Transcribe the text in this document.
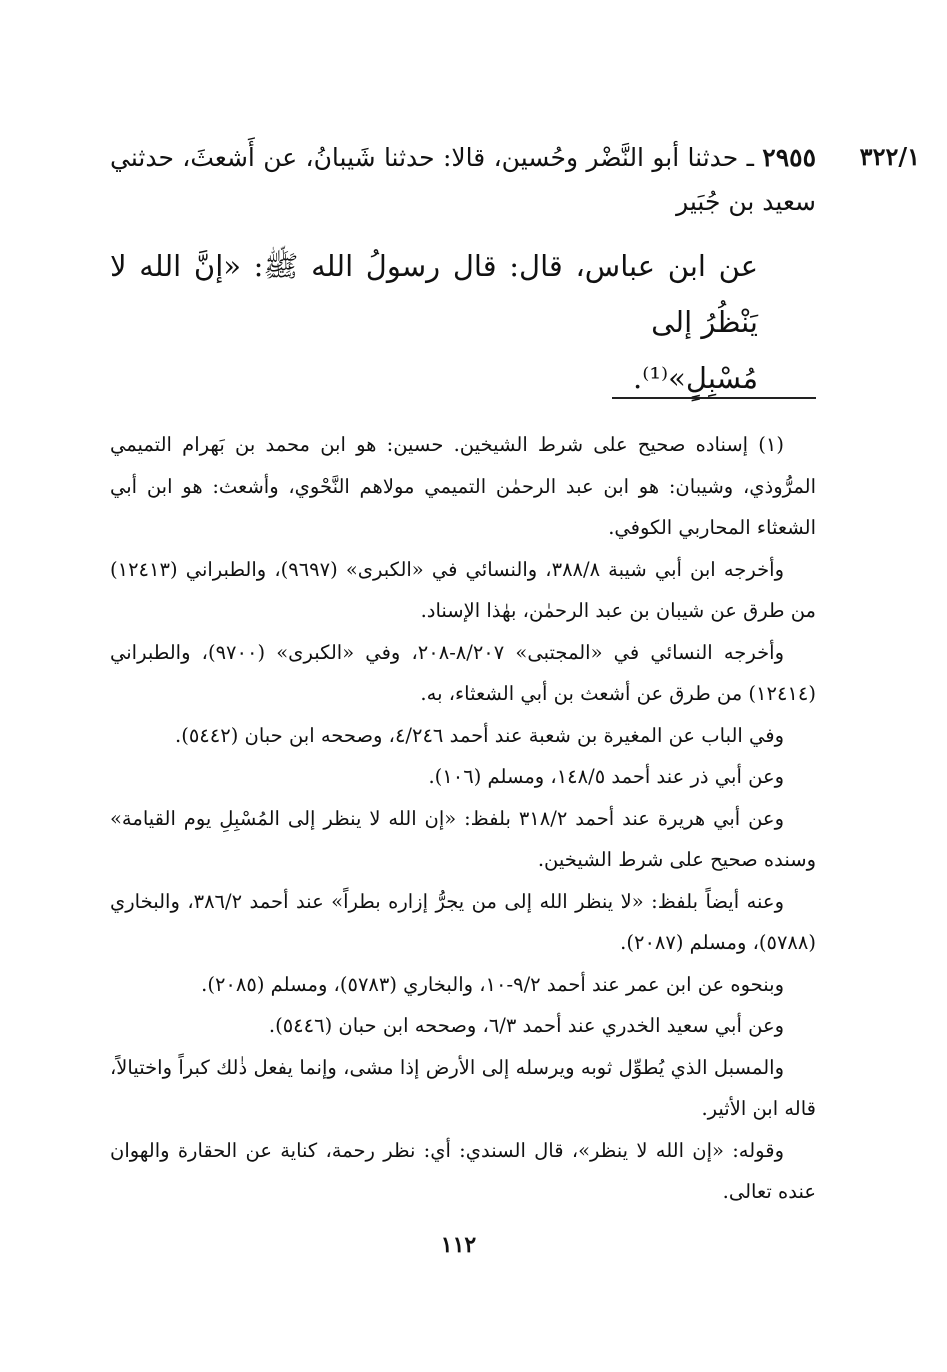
٣٢٢/١
٢٩٥٥ ـ حدثنا أبو النَّضْر وحُسين، قالا: حدثنا شَيبانُ، عن أَشعثَ، حدثني سعيد بن جُبَير
عن ابن عباس، قال: قال رسولُ الله ﷺ: «إنَّ الله لا يَنْظُرُ إلى
مُسْبِلٍ»⁽¹⁾.

(١) إسناده صحيح على شرط الشيخين. حسين: هو ابن محمد بن بَهرام التميمي المرُّوذي، وشيبان: هو ابن عبد الرحمٰن التميمي مولاهم النَّحْوي، وأشعث: هو ابن أبي الشعثاء المحاربي الكوفي.

وأخرجه ابن أبي شيبة ٣٨٨/٨، والنسائي في «الكبرى» (٩٦٩٧)، والطبراني (١٢٤١٣) من طرق عن شيبان بن عبد الرحمٰن، بهٰذا الإسناد.

وأخرجه النسائي في «المجتبى» ٨/٢٠٧-٢٠٨، وفي «الكبرى» (٩٧٠٠)، والطبراني (١٢٤١٤) من طرق عن أشعث بن أبي الشعثاء، به.

وفي الباب عن المغيرة بن شعبة عند أحمد ٤/٢٤٦، وصححه ابن حبان (٥٤٤٢).

وعن أبي ذر عند أحمد ١٤٨/٥، ومسلم (١٠٦).

وعن أبي هريرة عند أحمد ٣١٨/٢ بلفظ: «إن الله لا ينظر إلى المُسْبِلِ يوم القيامة» وسنده صحيح على شرط الشيخين.

وعنه أيضاً بلفظ: «لا ينظر الله إلى من يجرُّ إزاره بطراً» عند أحمد ٣٨٦/٢، والبخاري (٥٧٨٨)، ومسلم (٢٠٨٧).

وبنحوه عن ابن عمر عند أحمد ٩/٢-١٠، والبخاري (٥٧٨٣)، ومسلم (٢٠٨٥).

وعن أبي سعيد الخدري عند أحمد ٦/٣، وصححه ابن حبان (٥٤٤٦).

والمسبل الذي يُطوِّل ثوبه ويرسله إلى الأرض إذا مشى، وإنما يفعل ذٰلك كبراً واختيالاً، قاله ابن الأثير.

وقوله: «إن الله لا ينظر»، قال السندي: أي: نظر رحمة، كناية عن الحقارة والهوان عنده تعالى.

١١٢
